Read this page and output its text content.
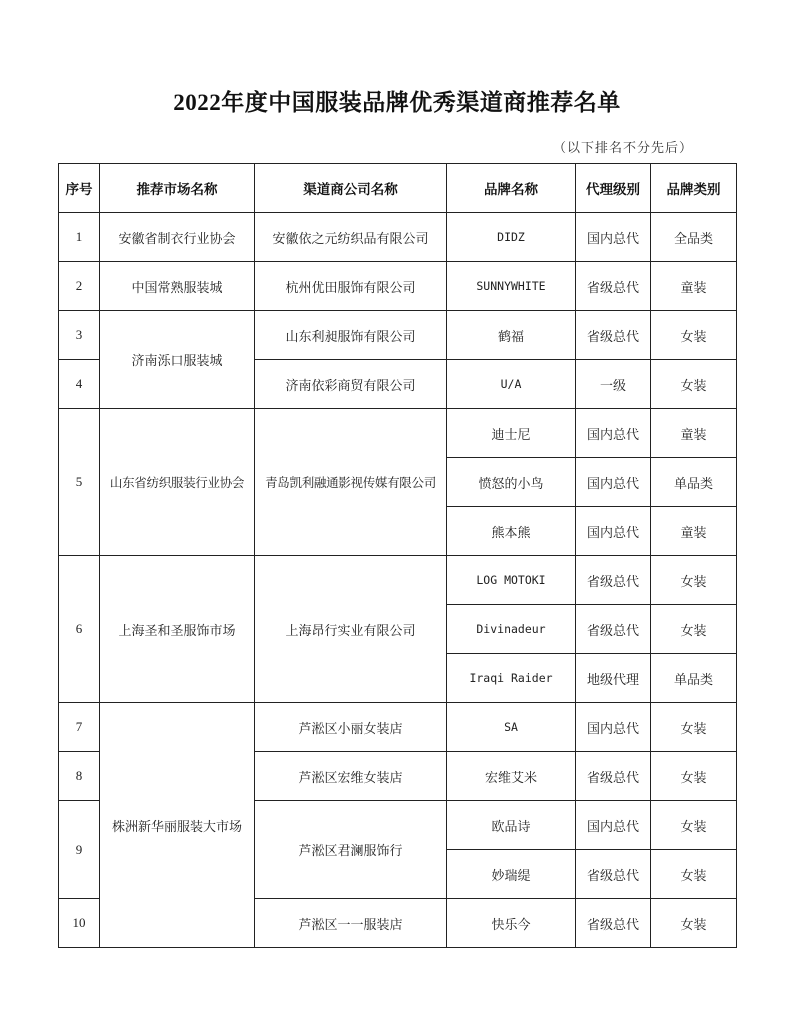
2022年度中国服装品牌优秀渠道商推荐名单
（以下排名不分先后）
序号	推荐市场名称	渠道商公司名称	品牌名称	代理级别	品牌类别
1	安徽省制衣行业协会	安徽依之元纺织品有限公司	DIDZ	国内总代	全品类
2	中国常熟服装城	杭州优田服饰有限公司	SUNNYWHITE	省级总代	童装
3	济南泺口服装城	山东利昶服饰有限公司	鹤福	省级总代	女装
4		济南依彩商贸有限公司	U/A	一级	女装
5	山东省纺织服装行业协会	青岛凯利融通影视传媒有限公司	迪士尼	国内总代	童装
			愤怒的小鸟	国内总代	单品类
			熊本熊	国内总代	童装
6	上海圣和圣服饰市场	上海昂行实业有限公司	LOG MOTOKI	省级总代	女装
			Divinadeur	省级总代	女装
			Iraqi Raider	地级代理	单品类
7	株洲新华丽服装大市场	芦淞区小丽女装店	SA	国内总代	女装
8		芦淞区宏维女装店	宏维艾米	省级总代	女装
9		芦淞区君澜服饰行	欧品诗	国内总代	女装
			妙瑞缇	省级总代	女装
10		芦淞区一一服装店	快乐今	省级总代	女装
